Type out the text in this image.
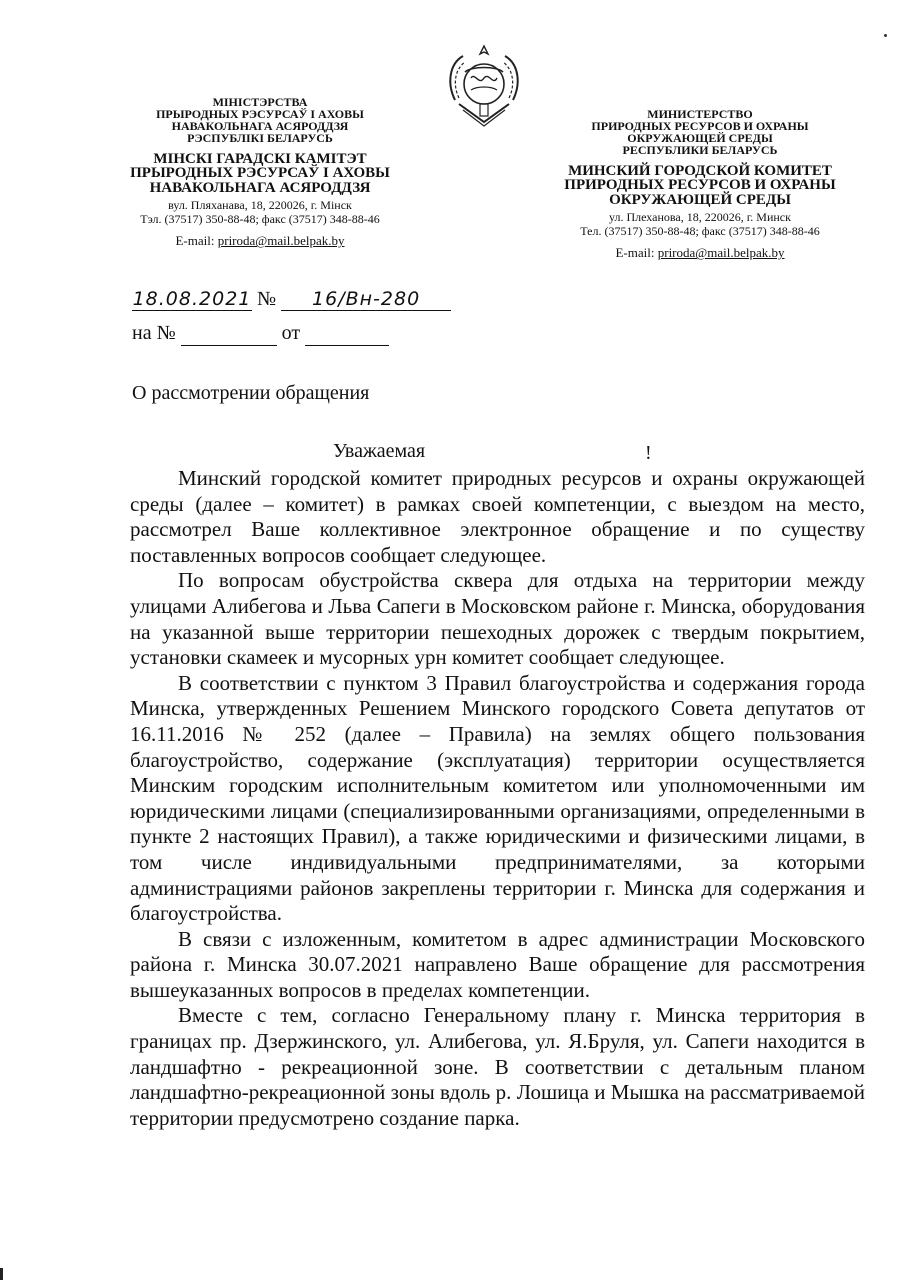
МІНІСТЭРСТВА
ПРЫРОДНЫХ РЭСУРСАЎ І АХОВЫ
НАВАКОЛЬНАГА АСЯРОДДЗЯ
РЭСПУБЛІКІ БЕЛАРУСЬ
МІНСКІ ГАРАДСКІ КАМІТЭТ
ПРЫРОДНЫХ РЭСУРСАЎ І АХОВЫ
НАВАКОЛЬНАГА АСЯРОДДЗЯ
вул. Пляханава, 18, 220026, г. Мінск
Тэл. (37517) 350-88-48; факс (37517) 348-88-46
E-mail: priroda@mail.belpak.by
МИНИСТЕРСТВО
ПРИРОДНЫХ РЕСУРСОВ И ОХРАНЫ
ОКРУЖАЮЩЕЙ СРЕДЫ
РЕСПУБЛИКИ БЕЛАРУСЬ
МИНСКИЙ ГОРОДСКОЙ КОМИТЕТ
ПРИРОДНЫХ РЕСУРСОВ И ОХРАНЫ
ОКРУЖАЮЩЕЙ СРЕДЫ
ул. Плеханова, 18, 220026, г. Минск
Тел. (37517) 350-88-48; факс (37517) 348-88-46
E-mail: priroda@mail.belpak.by
18.08.2021 № 16/Вн-280
на №	от
О рассмотрении обращения
Уважаемая	!

Минский городской комитет природных ресурсов и охраны окружающей среды (далее – комитет) в рамках своей компетенции, с выездом на место, рассмотрел Ваше коллективное электронное обращение и по существу поставленных вопросов сообщает следующее.

По вопросам обустройства сквера для отдыха на территории между улицами Алибегова и Льва Сапеги в Московском районе г. Минска, оборудования на указанной выше территории пешеходных дорожек с твердым покрытием, установки скамеек и мусорных урн комитет сообщает следующее.

В соответствии с пунктом 3 Правил благоустройства и содержания города Минска, утвержденных Решением Минского городского Совета депутатов от 16.11.2016 № 252 (далее – Правила) на землях общего пользования благоустройство, содержание (эксплуатация) территории осуществляется Минским городским исполнительным комитетом или уполномоченными им юридическими лицами (специализированными организациями, определенными в пункте 2 настоящих Правил), а также юридическими и физическими лицами, в том числе индивидуальными предпринимателями, за которыми администрациями районов закреплены территории г. Минска для содержания и благоустройства.

В связи с изложенным, комитетом в адрес администрации Московского района г. Минска 30.07.2021 направлено Ваше обращение для рассмотрения вышеуказанных вопросов в пределах компетенции.

Вместе с тем, согласно Генеральному плану г. Минска территория в границах пр. Дзержинского, ул. Алибегова, ул. Я.Бруля, ул. Сапеги находится в ландшафтно - рекреационной зоне. В соответствии с детальным планом ландшафтно-рекреационной зоны вдоль р. Лошица и Мышка на рассматриваемой территории предусмотрено создание парка.
